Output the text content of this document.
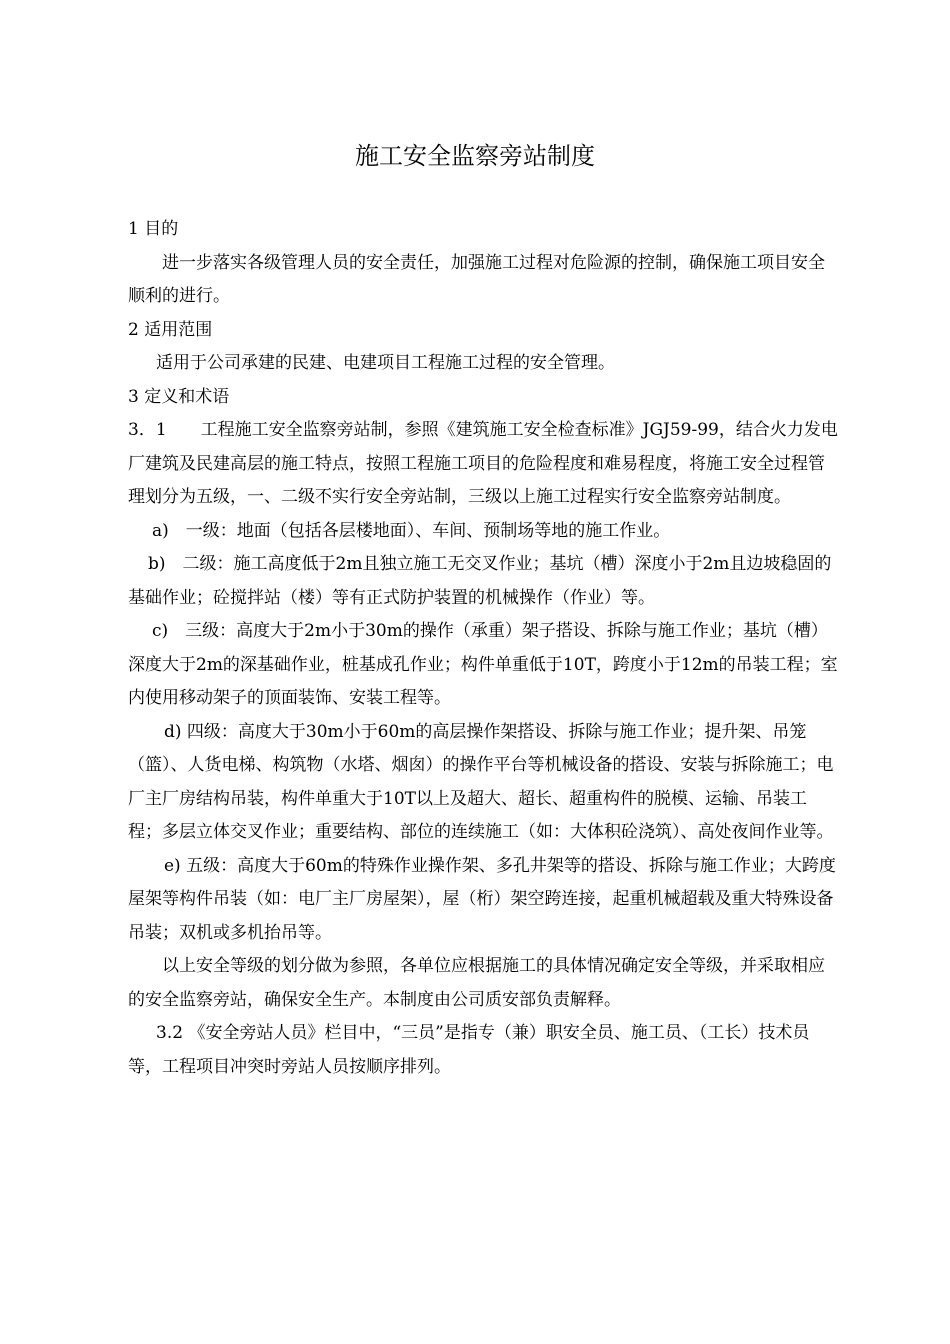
施工安全监察旁站制度

1 目的

进一步落实各级管理人员的安全责任，加强施工过程对危险源的控制，确保施工项目安全顺利的进行。

2 适用范围

适用于公司承建的民建、电建项目工程施工过程的安全管理。

3 定义和术语

3．1　　工程施工安全监察旁站制，参照《建筑施工安全检查标准》JGJ59-99，结合火力发电厂建筑及民建高层的施工特点，按照工程施工项目的危险程度和难易程度，将施工安全过程管理划分为五级，一、二级不实行安全旁站制，三级以上施工过程实行安全监察旁站制度。

a)　一级：地面（包括各层楼地面）、车间、预制场等地的施工作业。

b)　二级：施工高度低于2m且独立施工无交叉作业；基坑（槽）深度小于2m且边坡稳固的基础作业；砼搅拌站（楼）等有正式防护装置的机械操作（作业）等。

c)　三级：高度大于2m小于30m的操作（承重）架子搭设、拆除与施工作业；基坑（槽）深度大于2m的深基础作业，桩基成孔作业；构件单重低于10T，跨度小于12m的吊装工程；室内使用移动架子的顶面装饰、安装工程等。

d) 四级：高度大于30m小于60m的高层操作架搭设、拆除与施工作业；提升架、吊笼（篮）、人货电梯、构筑物（水塔、烟囱）的操作平台等机械设备的搭设、安装与拆除施工；电厂主厂房结构吊装，构件单重大于10T以上及超大、超长、超重构件的脱模、运输、吊装工程；多层立体交叉作业；重要结构、部位的连续施工（如：大体积砼浇筑）、高处夜间作业等。

e) 五级：高度大于60m的特殊作业操作架、多孔井架等的搭设、拆除与施工作业；大跨度屋架等构件吊装（如：电厂主厂房屋架），屋（桁）架空跨连接，起重机械超载及重大特殊设备吊装；双机或多机抬吊等。

以上安全等级的划分做为参照，各单位应根据施工的具体情况确定安全等级，并采取相应的安全监察旁站，确保安全生产。本制度由公司质安部负责解释。

3.2 《安全旁站人员》栏目中，“三员”是指专（兼）职安全员、施工员、（工长）技术员等，工程项目冲突时旁站人员按顺序排列。
